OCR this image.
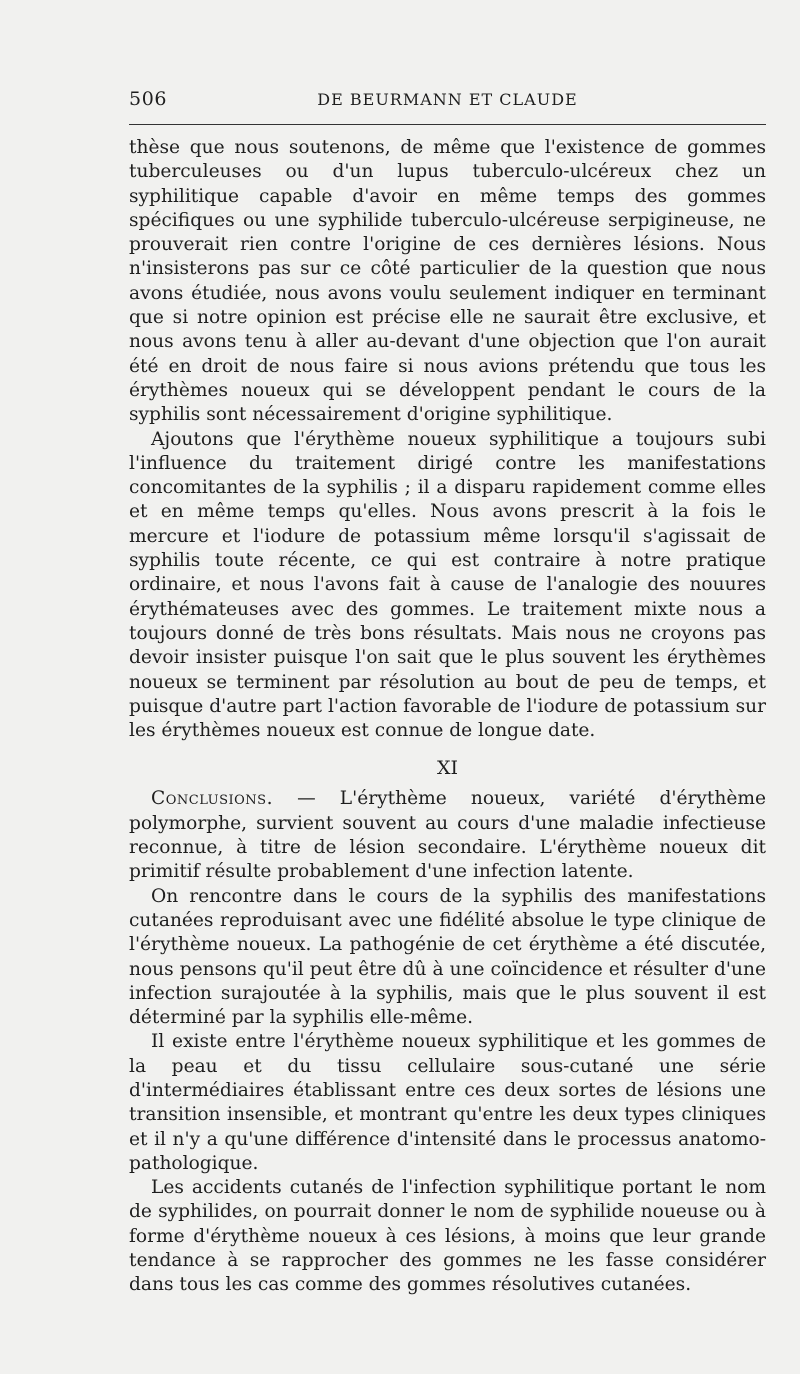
506	DE BEURMANN ET CLAUDE

thèse que nous soutenons, de même que l'existence de gommes tuberculeuses ou d'un lupus tuberculo-ulcéreux chez un syphilitique capable d'avoir en même temps des gommes spécifiques ou une syphilide tuberculo-ulcéreuse serpigineuse, ne prouverait rien contre l'origine de ces dernières lésions. Nous n'insisterons pas sur ce côté particulier de la question que nous avons étudiée, nous avons voulu seulement indiquer en terminant que si notre opinion est précise elle ne saurait être exclusive, et nous avons tenu à aller au-devant d'une objection que l'on aurait été en droit de nous faire si nous avions prétendu que tous les érythèmes noueux qui se développent pendant le cours de la syphilis sont nécessairement d'origine syphilitique.

Ajoutons que l'érythème noueux syphilitique a toujours subi l'influence du traitement dirigé contre les manifestations concomitantes de la syphilis ; il a disparu rapidement comme elles et en même temps qu'elles. Nous avons prescrit à la fois le mercure et l'iodure de potassium même lorsqu'il s'agissait de syphilis toute récente, ce qui est contraire à notre pratique ordinaire, et nous l'avons fait à cause de l'analogie des nouures érythémateuses avec des gommes. Le traitement mixte nous a toujours donné de très bons résultats. Mais nous ne croyons pas devoir insister puisque l'on sait que le plus souvent les érythèmes noueux se terminent par résolution au bout de peu de temps, et puisque d'autre part l'action favorable de l'iodure de potassium sur les érythèmes noueux est connue de longue date.

XI

Conclusions. — L'érythème noueux, variété d'érythème polymorphe, survient souvent au cours d'une maladie infectieuse reconnue, à titre de lésion secondaire. L'érythème noueux dit primitif résulte probablement d'une infection latente.

On rencontre dans le cours de la syphilis des manifestations cutanées reproduisant avec une fidélité absolue le type clinique de l'érythème noueux. La pathogénie de cet érythème a été discutée, nous pensons qu'il peut être dû à une coïncidence et résulter d'une infection surajoutée à la syphilis, mais que le plus souvent il est déterminé par la syphilis elle-même.

Il existe entre l'érythème noueux syphilitique et les gommes de la peau et du tissu cellulaire sous-cutané une série d'intermédiaires établissant entre ces deux sortes de lésions une transition insensible, et montrant qu'entre les deux types cliniques et il n'y a qu'une différence d'intensité dans le processus anatomo-pathologique.

Les accidents cutanés de l'infection syphilitique portant le nom de syphilides, on pourrait donner le nom de syphilide noueuse ou à forme d'érythème noueux à ces lésions, à moins que leur grande tendance à se rapprocher des gommes ne les fasse considérer dans tous les cas comme des gommes résolutives cutanées.
